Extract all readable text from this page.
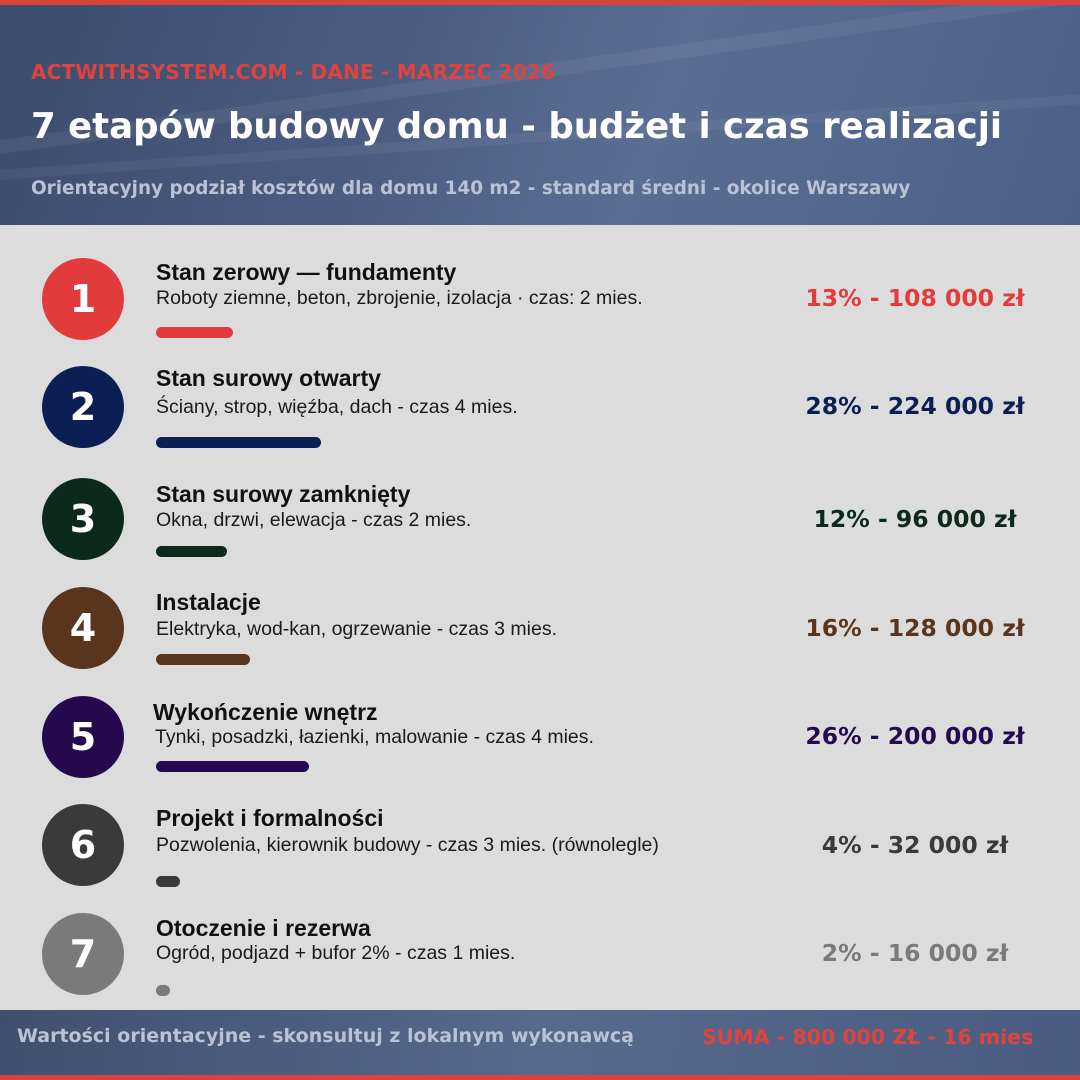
ACTWITHSYSTEM.COM - DANE - MARZEC 2026
7 etapów budowy domu - budżet i czas realizacji
Orientacyjny podział kosztów dla domu 140 m2 - standard średni - okolice Warszawy
1
Stan zerowy — fundamenty
Roboty ziemne, beton, zbrojenie, izolacja · czas: 2 mies.	13% - 108 000 zł
2
Stan surowy otwarty
Ściany, strop, więźba, dach - czas 4 mies.	28% - 224 000 zł
3
Stan surowy zamknięty
Okna, drzwi, elewacja - czas 2 mies.	12% - 96 000 zł
4
Instalacje
Elektryka, wod-kan, ogrzewanie - czas 3 mies.	16% - 128 000 zł
5
Wykończenie wnętrz
Tynki, posadzki, łazienki, malowanie - czas 4 mies.	26% - 200 000 zł
6
Projekt i formalności
Pozwolenia, kierownik budowy - czas 3 mies. (równolegle)	4% - 32 000 zł
7
Otoczenie i rezerwa
Ogród, podjazd + bufor 2% - czas 1 mies.	2% - 16 000 zł
Wartości orientacyjne - skonsultuj z lokalnym wykonawcą	SUMA - 800 000 ZŁ - 16 mies
